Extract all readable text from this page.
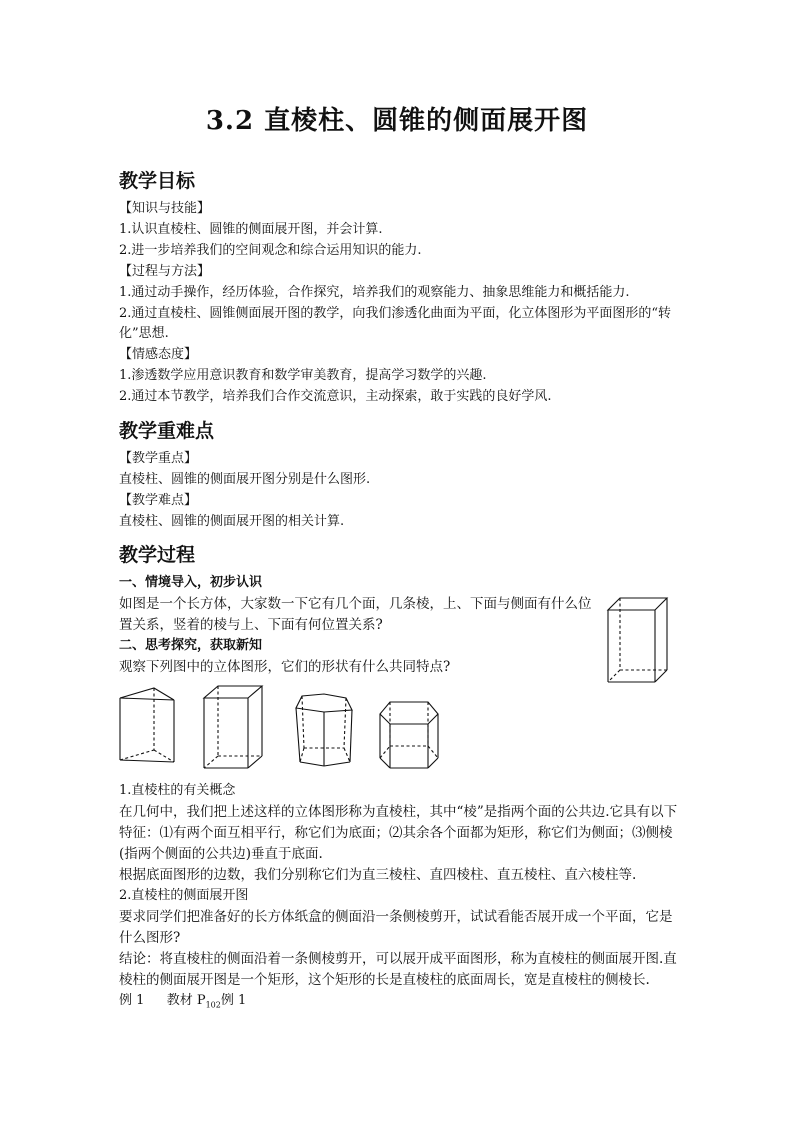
3.2 直棱柱、圆锥的侧面展开图
教学目标
【知识与技能】
1.认识直棱柱、圆锥的侧面展开图，并会计算.
2.进一步培养我们的空间观念和综合运用知识的能力.
【过程与方法】
1.通过动手操作，经历体验，合作探究，培养我们的观察能力、抽象思维能力和概括能力.
2.通过直棱柱、圆锥侧面展开图的教学，向我们渗透化曲面为平面，化立体图形为平面图形的“转化”思想.
【情感态度】
1.渗透数学应用意识教育和数学审美教育，提高学习数学的兴趣.
2.通过本节教学，培养我们合作交流意识，主动探索，敢于实践的良好学风.
教学重难点
【教学重点】
直棱柱、圆锥的侧面展开图分别是什么图形.
【教学难点】
直棱柱、圆锥的侧面展开图的相关计算.
教学过程
一、情境导入，初步认识
如图是一个长方体，大家数一下它有几个面，几条棱，上、下面与侧面有什么位置关系，竖着的棱与上、下面有何位置关系?
二、思考探究，获取新知
观察下列图中的立体图形，它们的形状有什么共同特点?
1.直棱柱的有关概念
在几何中，我们把上述这样的立体图形称为直棱柱，其中“棱”是指两个面的公共边.它具有以下特征：⑴有两个面互相平行，称它们为底面；⑵其余各个面都为矩形，称它们为侧面；⑶侧棱(指两个侧面的公共边)垂直于底面.
根据底面图形的边数，我们分别称它们为直三棱柱、直四棱柱、直五棱柱、直六棱柱等.
2.直棱柱的侧面展开图
要求同学们把准备好的长方体纸盒的侧面沿一条侧棱剪开，试试看能否展开成一个平面，它是什么图形?
结论：将直棱柱的侧面沿着一条侧棱剪开，可以展开成平面图形，称为直棱柱的侧面展开图.直棱柱的侧面展开图是一个矩形，这个矩形的长是直棱柱的底面周长，宽是直棱柱的侧棱长.
例 1 教材 $P_{102}$例 1
